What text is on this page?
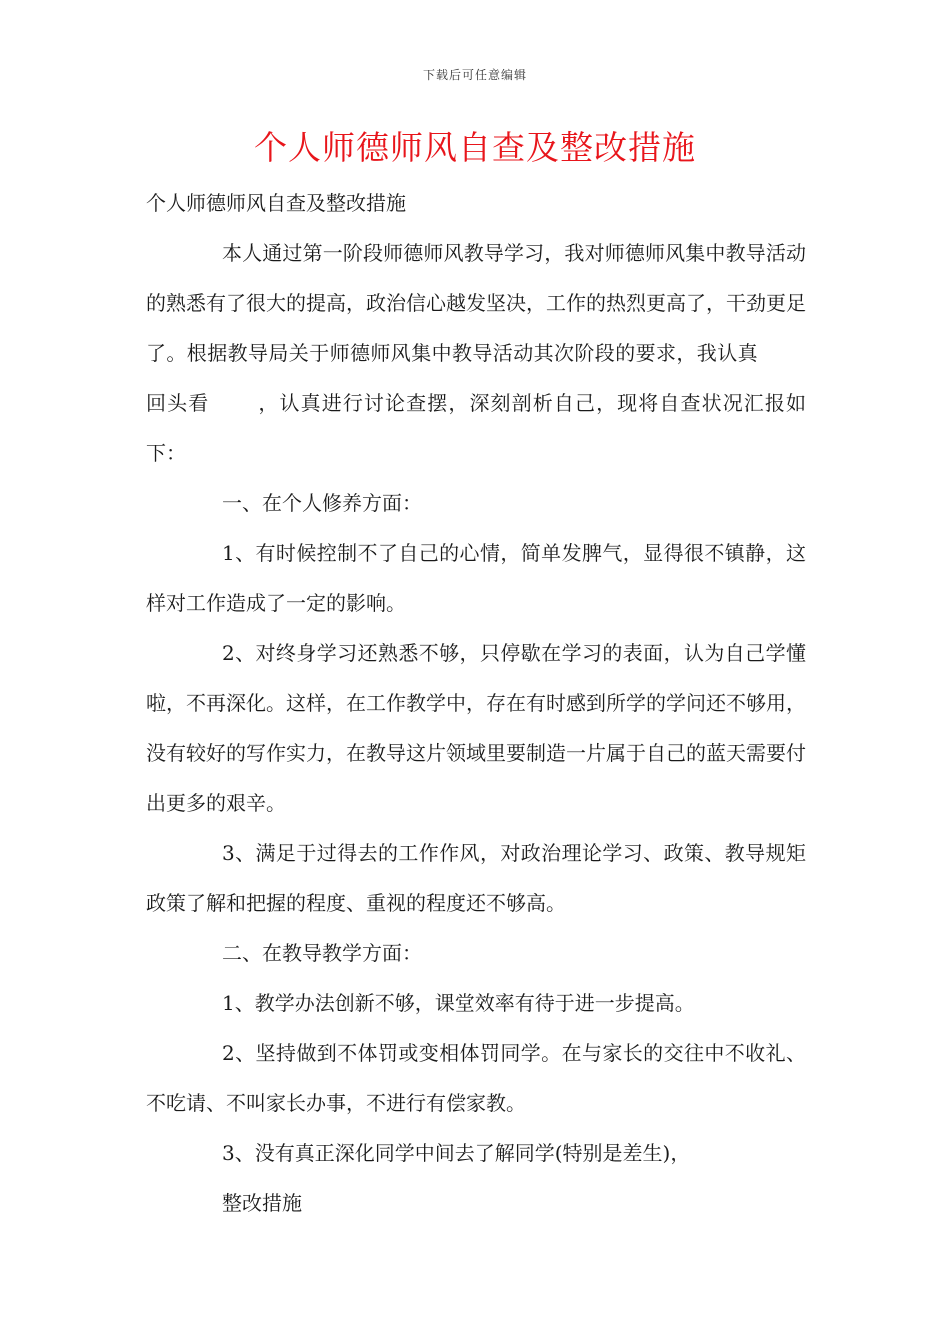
下载后可任意编辑
个人师德师风自查及整改措施

个人师德师风自查及整改措施

本人通过第一阶段师德师风教导学习，我对师德师风集中教导活动的熟悉有了很大的提高，政治信心越发坚决，工作的热烈更高了，干劲更足了。根据教导局关于师德师风集中教导活动其次阶段的要求，我认真回头看 ，认真进行讨论查摆，深刻剖析自己，现将自查状况汇报如下：

一、在个人修养方面：

1、有时候控制不了自己的心情，简单发脾气，显得很不镇静，这样对工作造成了一定的影响。

2、对终身学习还熟悉不够，只停歇在学习的表面，认为自己学懂啦，不再深化。这样，在工作教学中，存在有时感到所学的学问还不够用，没有较好的写作实力，在教导这片领域里要制造一片属于自己的蓝天需要付出更多的艰辛。

3、满足于过得去的工作作风，对政治理论学习、政策、教导规矩政策了解和把握的程度、重视的程度还不够高。

二、在教导教学方面：

1、教学办法创新不够，课堂效率有待于进一步提高。

2、坚持做到不体罚或变相体罚同学。在与家长的交往中不收礼、不吃请、不叫家长办事，不进行有偿家教。

3、没有真正深化同学中间去了解同学(特别是差生)，

整改措施
